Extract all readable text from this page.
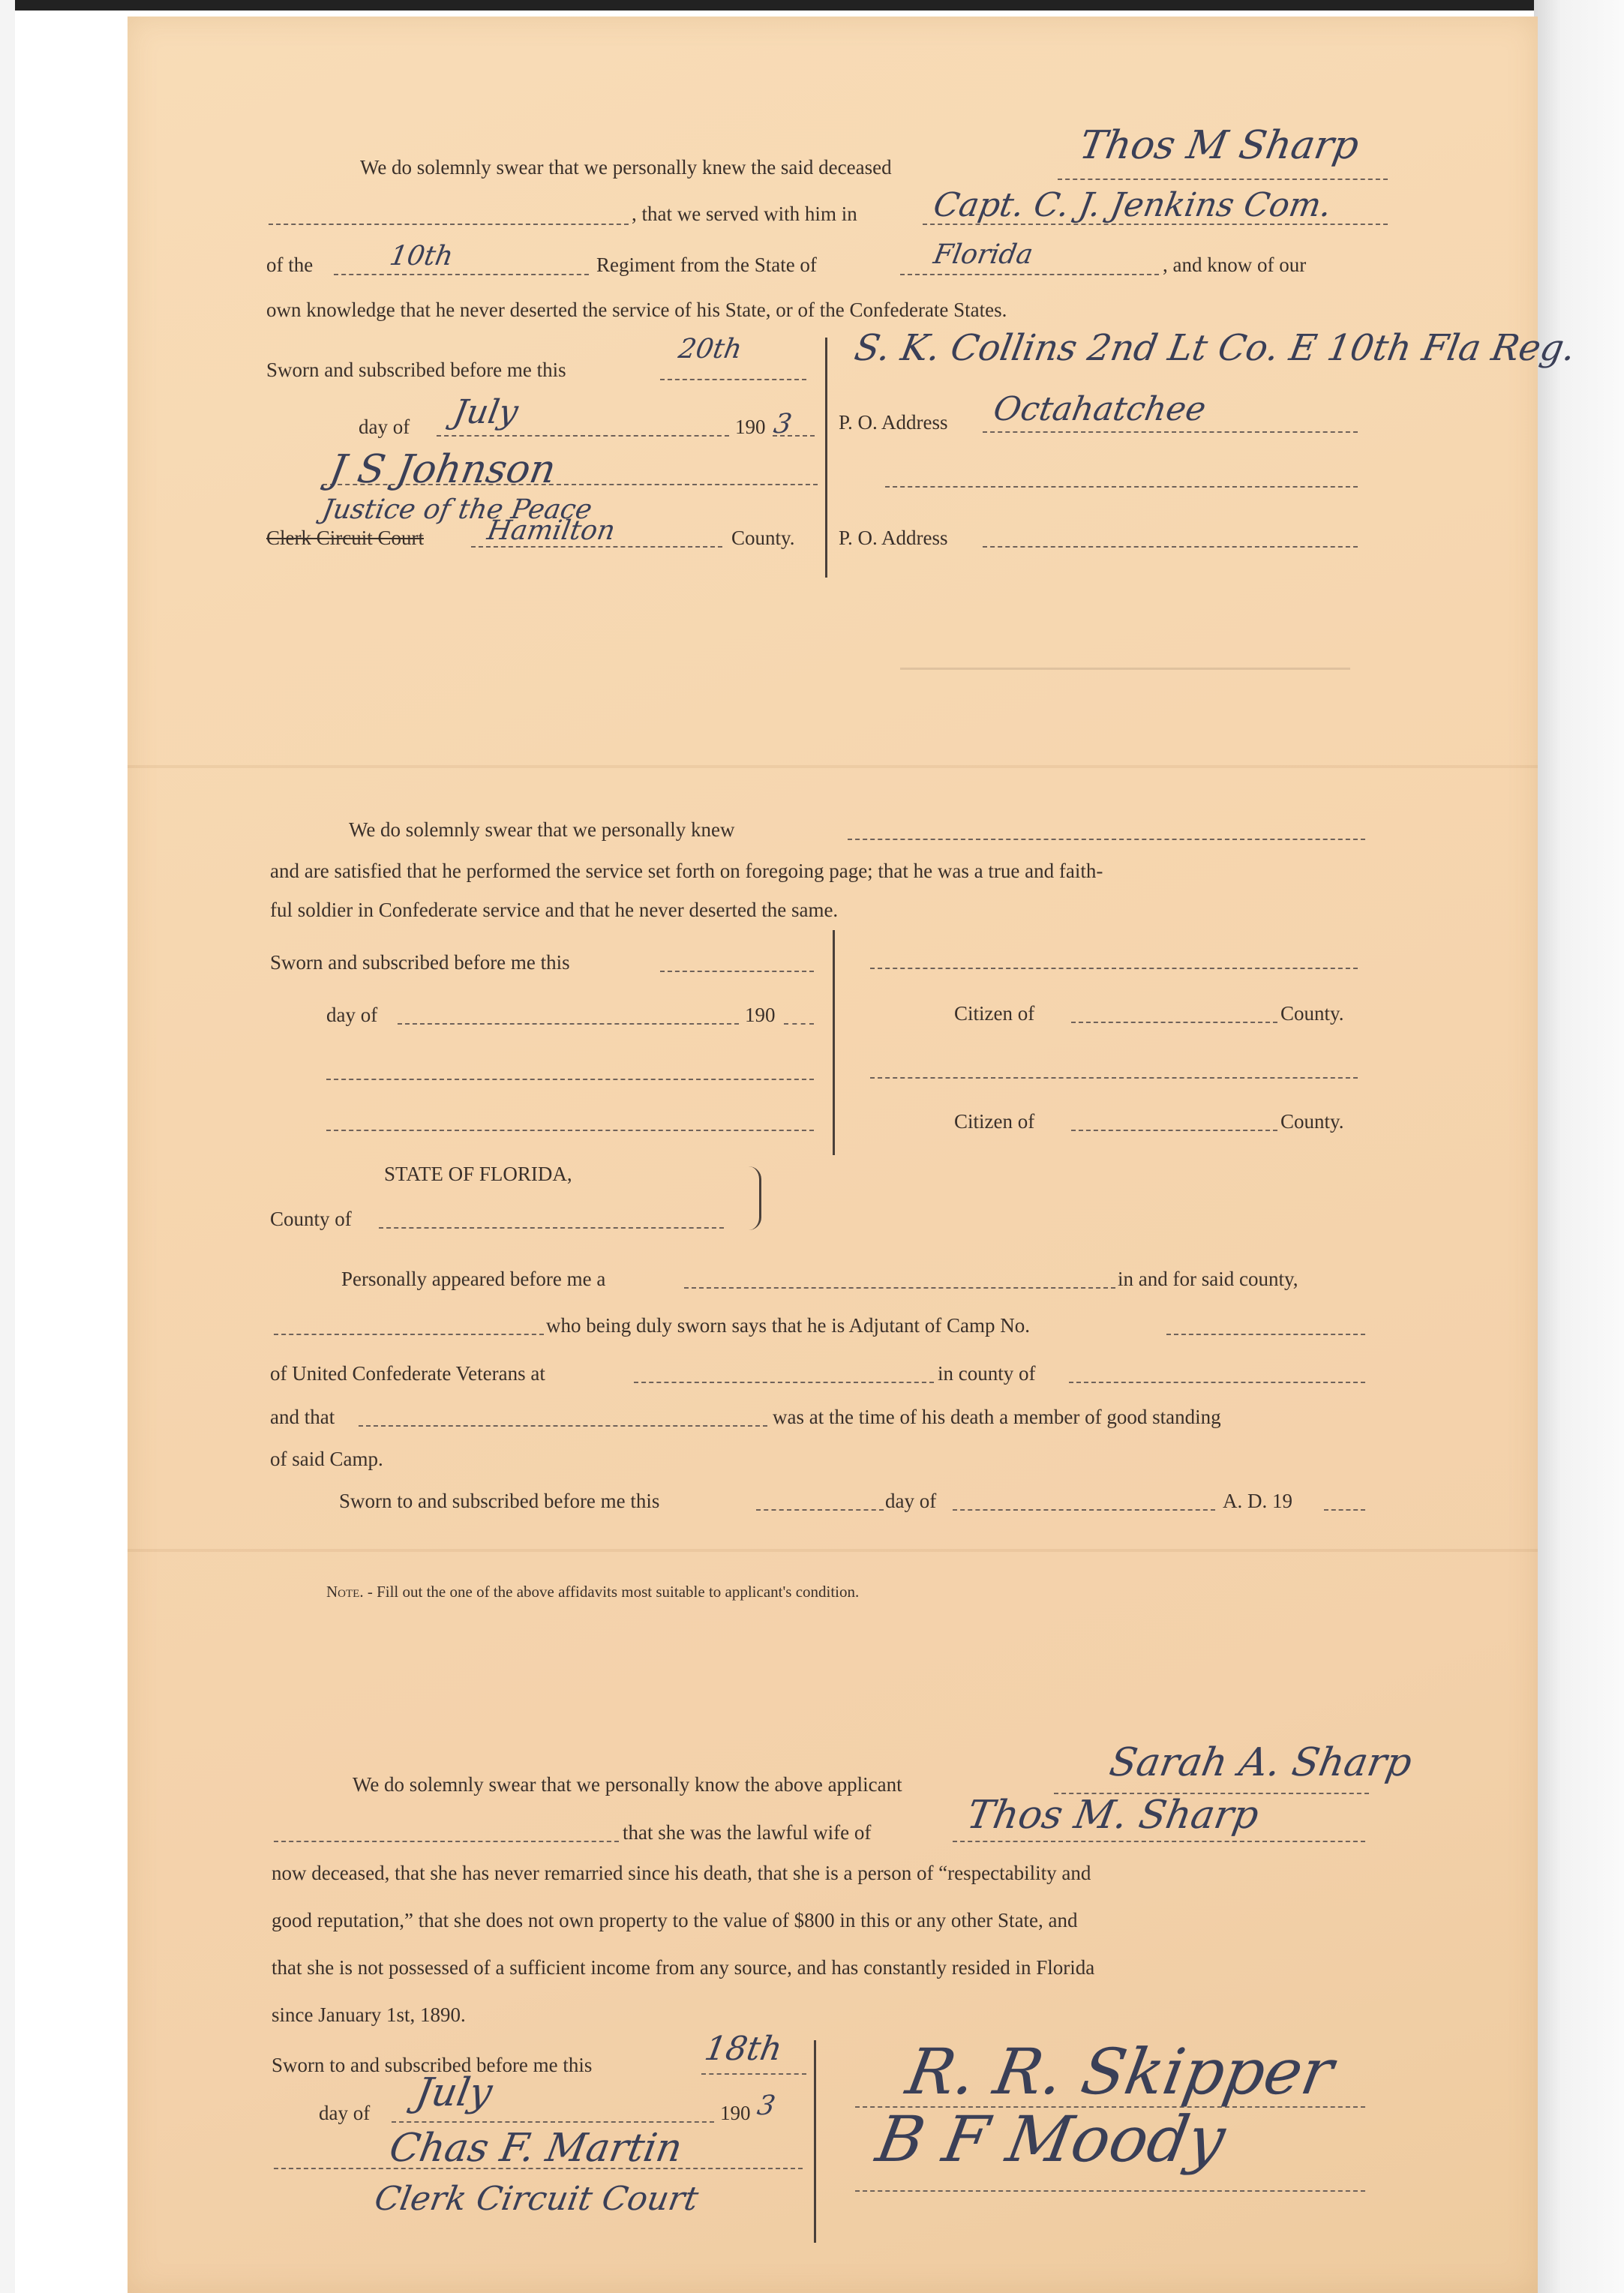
We do solemnly swear that we personally knew the said deceased	Thos M Sharp
, that we served with him in Capt. C. J. Jenkins Com.
of the	10th	Regiment from the State of	Florida	, and know of our
own knowledge that he never deserted the service of his State, or of the Confederate States.
Sworn and subscribed before me this
20th
day of July	190 3
J S Johnson
Justice of the Peace
Clerk Circuit Court Hamilton	County.
S. K. Collins 2nd Lt Co. E 10th Fla Reg.
P. O. Address Octahatchee
P. O. Address
We do solemnly swear that we personally knew
and are satisfied that he performed the service set forth on foregoing page; that he was a true and faith-
ful soldier in Confederate service and that he never deserted the same.
Sworn and subscribed before me this
day of	190	Citizen of	County.
Citizen of	County.
STATE OF FLORIDA,
County of
Personally appeared before me a	in and for said county,
who being duly sworn says that he is Adjutant of Camp No.
of United Confederate Veterans at	in county of
and that	was at the time of his death a member of good standing
of said Camp.
Sworn to and subscribed before me this	day of	A. D. 19
Note. - Fill out the one of the above affidavits most suitable to applicant's condition.
We do solemnly swear that we personally know the above applicant	Sarah A. Sharp
that she was the lawful wife of Thos M. Sharp
now deceased, that she has never remarried since his death, that she is a person of “respectability and
good reputation,” that she does not own property to the value of $800 in this or any other State, and
that she is not possessed of a sufficient income from any source, and has constantly resided in Florida
since January 1st, 1890.
Sworn to and subscribed before me this	18th
day of July	190 3
Chas F. Martin
Clerk Circuit Court
R. R. Skipper
B F Moody
